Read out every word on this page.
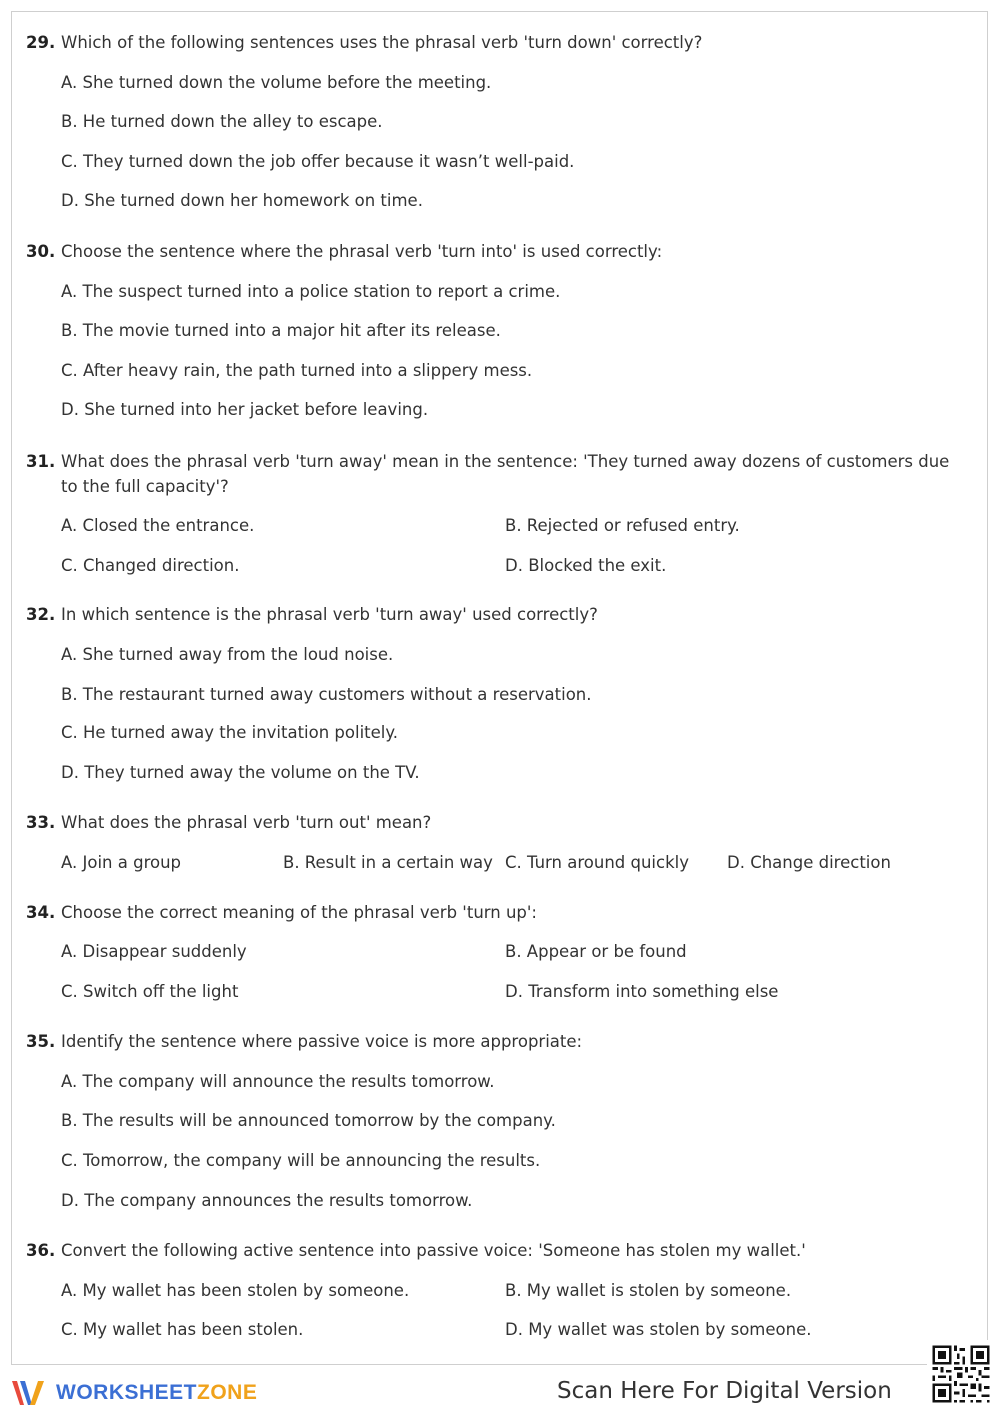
29. Which of the following sentences uses the phrasal verb 'turn down' correctly?
A. She turned down the volume before the meeting.
B. He turned down the alley to escape.
C. They turned down the job offer because it wasn’t well-paid.
D. She turned down her homework on time.
30. Choose the sentence where the phrasal verb 'turn into' is used correctly:
A. The suspect turned into a police station to report a crime.
B. The movie turned into a major hit after its release.
C. After heavy rain, the path turned into a slippery mess.
D. She turned into her jacket before leaving.
31. What does the phrasal verb 'turn away' mean in the sentence: 'They turned away dozens of customers due to the full capacity'?
A. Closed the entrance.	B. Rejected or refused entry.
C. Changed direction.	D. Blocked the exit.
32. In which sentence is the phrasal verb 'turn away' used correctly?
A. She turned away from the loud noise.
B. The restaurant turned away customers without a reservation.
C. He turned away the invitation politely.
D. They turned away the volume on the TV.
33. What does the phrasal verb 'turn out' mean?
A. Join a group	B. Result in a certain way C. Turn around quickly D. Change direction
34. Choose the correct meaning of the phrasal verb 'turn up':
A. Disappear suddenly	B. Appear or be found
C. Switch off the light	D. Transform into something else
35. Identify the sentence where passive voice is more appropriate:
A. The company will announce the results tomorrow.
B. The results will be announced tomorrow by the company.
C. Tomorrow, the company will be announcing the results.
D. The company announces the results tomorrow.
36. Convert the following active sentence into passive voice: 'Someone has stolen my wallet.'
A. My wallet has been stolen by someone.	B. My wallet is stolen by someone.
C. My wallet has been stolen.	D. My wallet was stolen by someone.
WORKSHEETZONE	Scan Here For Digital Version
